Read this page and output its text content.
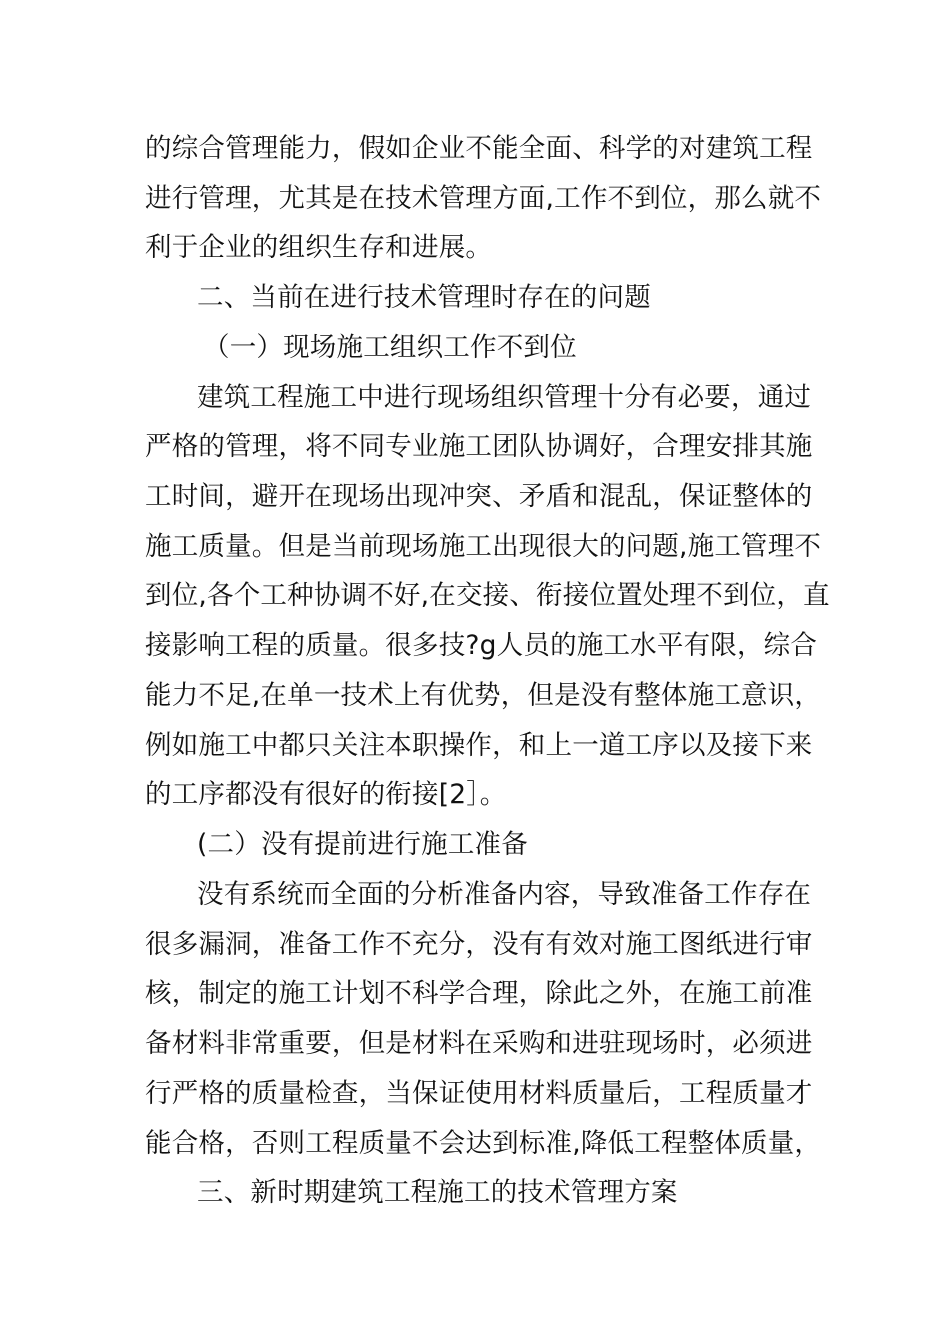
的综合管理能力，假如企业不能全面、科学的对建筑工程
进行管理，尤其是在技术管理方面,工作不到位，那么就不
利于企业的组织生存和进展。
二、当前在进行技术管理时存在的问题
（一）现场施工组织工作不到位
建筑工程施工中进行现场组织管理十分有必要，通过
严格的管理，将不同专业施工团队协调好，合理安排其施
工时间，避开在现场出现冲突、矛盾和混乱，保证整体的
施工质量。但是当前现场施工出现很大的问题,施工管理不
到位,各个工种协调不好,在交接、衔接位置处理不到位，直
接影响工程的质量。很多技?g人员的施工水平有限，综合
能力不足,在单一技术上有优势，但是没有整体施工意识，
例如施工中都只关注本职操作，和上一道工序以及接下来
的工序都没有很好的衔接[2］。
(二）没有提前进行施工准备
没有系统而全面的分析准备内容，导致准备工作存在
很多漏洞，准备工作不充分，没有有效对施工图纸进行审
核，制定的施工计划不科学合理，除此之外，在施工前准
备材料非常重要，但是材料在采购和进驻现场时，必须进
行严格的质量检查，当保证使用材料质量后，工程质量才
能合格，否则工程质量不会达到标准,降低工程整体质量，
三、新时期建筑工程施工的技术管理方案
